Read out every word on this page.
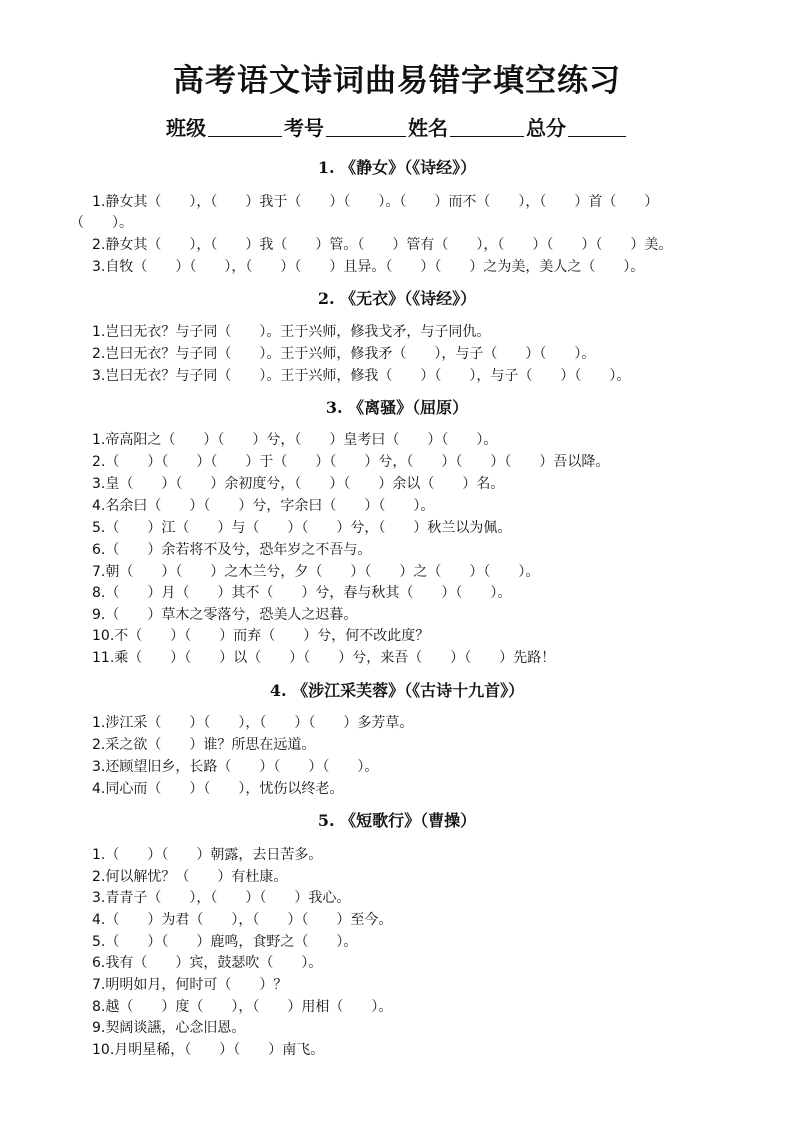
高考语文诗词曲易错字填空练习
班级	考号	姓名	总分
1. 《静女》（《诗经》）
1.静女其（　　），（　　）我于（　　）（　　）。（　　）而不（　　），（　　）首（　　）
（　　）。
2.静女其（　　），（　　）我（　　）管。（　　）管有（　　），（　　）（　　）（　　）美。
3.自牧（　　）（　　），（　　）（　　）且异。（　　）（　　）之为美，美人之（　　）。
2. 《无衣》（《诗经》）
1.岂曰无衣？与子同（　　）。王于兴师，修我戈矛，与子同仇。
2.岂曰无衣？与子同（　　）。王于兴师，修我矛（　　），与子（　　）（　　）。
3.岂曰无衣？与子同（　　）。王于兴师，修我（　　）（　　），与子（　　）（　　）。
3. 《离骚》（屈原）
1.帝高阳之（　　）（　　）兮，（　　）皇考曰（　　）（　　）。
2.（　　）（　　）（　　）于（　　）（　　）兮，（　　）（　　）（　　）吾以降。
3.皇（　　）（　　）余初度兮，（　　）（　　）余以（　　）名。
4.名余曰（　　）（　　）兮，字余曰（　　）（　　）。
5.（　　）江（　　）与（　　）（　　）兮，（　　）秋兰以为佩。
6.（　　）余若将不及兮，恐年岁之不吾与。
7.朝（　　）（　　）之木兰兮，夕（　　）（　　）之（　　）（　　）。
8.（　　）月（　　）其不（　　）兮，春与秋其（　　）（　　）。
9.（　　）草木之零落兮，恐美人之迟暮。
10.不（　　）（　　）而弃（　　）兮，何不改此度？
11.乘（　　）（　　）以（　　）（　　）兮，来吾（　　）（　　）先路！
4. 《涉江采芙蓉》（《古诗十九首》）
1.涉江采（　　）（　　），（　　）（　　）多芳草。
2.采之欲（　　）谁？所思在远道。
3.还顾望旧乡，长路（　　）（　　）（　　）。
4.同心而（　　）（　　），忧伤以终老。
5. 《短歌行》（曹操）
1.（　　）（　　）朝露，去日苦多。
2.何以解忧？（　　）有杜康。
3.青青子（　　），（　　）（　　）我心。
4.（　　）为君（　　），（　　）（　　）至今。
5.（　　）（　　）鹿鸣，食野之（　　）。
6.我有（　　）宾，鼓瑟吹（　　）。
7.明明如月，何时可（　　）？
8.越（　　）度（　　），（　　）用相（　　）。
9.契阔谈讌，心念旧恩。
10.月明星稀，（　　）（　　）南飞。
